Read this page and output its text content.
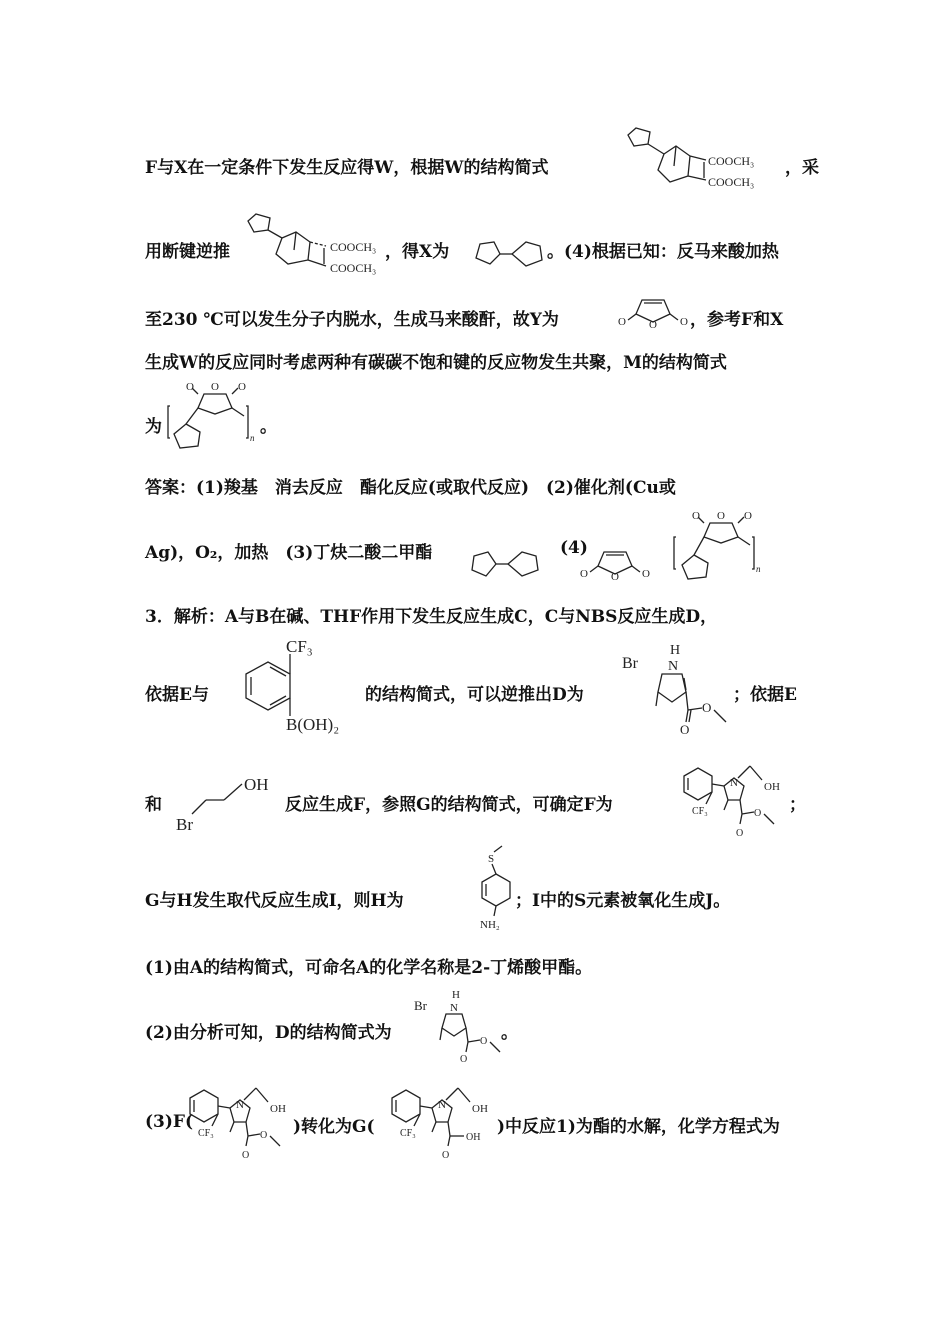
F与X在一定条件下发生反应得W，根据W的结构简式	，采
COOCH₃
COOCH₃
用断键逆推	，得X为	。(4)根据已知：反马来酸加热
COOCH₃
COOCH₃
至230 ℃可以发生分子内脱水，生成马来酸酐，故Y为	，参考F和X
O O O
生成W的反应同时考虑两种有碳碳不饱和键的反应物发生共聚，M的结构简式
为	。
O O O
n
答案：(1)羧基　消去反应　酯化反应(或取代反应)　(2)催化剂(Cu或
Ag)，O₂，加热　(3)丁炔二酸二甲酯	(4)
O O O
O O O
n
3．解析：A与B在碱、THF作用下发生反应生成C，C与NBS反应生成D，
依据E与	的结构简式，可以逆推出D为	；依据E
CF₃
B(OH)₂
Br
H
N
O
O
和	反应生成F，参照G的结构简式，可确定F为	；
OH
Br
CF₃
N OH
O
O
G与H发生取代反应生成I，则H为	；I中的S元素被氧化生成J。
S
NH₂
(1)由A的结构简式，可命名A的化学名称是2-丁烯酸甲酯。
(2)由分析可知，D的结构简式为	。
Br
H
N
O
O
(3)F(	)转化为G(	)中反应1)为酯的水解，化学方程式为
CF₃
N OH
O
O	CF₃
N OH
O
OH
